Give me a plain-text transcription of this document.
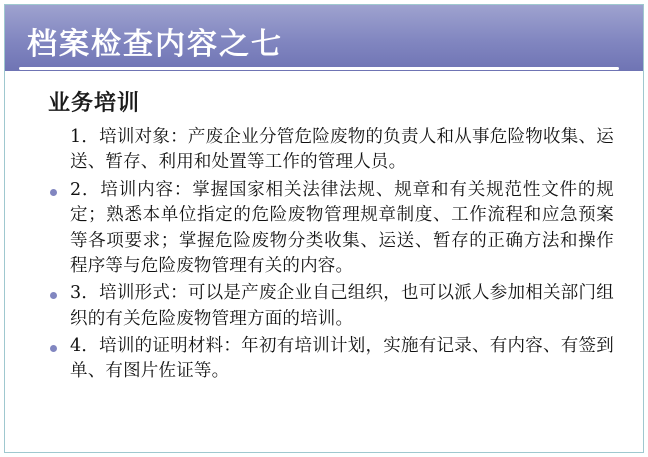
档案检查内容之七
业务培训
1．培训对象：产废企业分管危险废物的负责人和从事危险物收集、运送、暂存、利用和处置等工作的管理人员。
2．培训内容：掌握国家相关法律法规、规章和有关规范性文件的规定；熟悉本单位指定的危险废物管理规章制度、工作流程和应急预案等各项要求；掌握危险废物分类收集、运送、暂存的正确方法和操作程序等与危险废物管理有关的内容。
3．培训形式：可以是产废企业自己组织，也可以派人参加相关部门组织的有关危险废物管理方面的培训。
4．培训的证明材料：年初有培训计划，实施有记录、有内容、有签到单、有图片佐证等。
